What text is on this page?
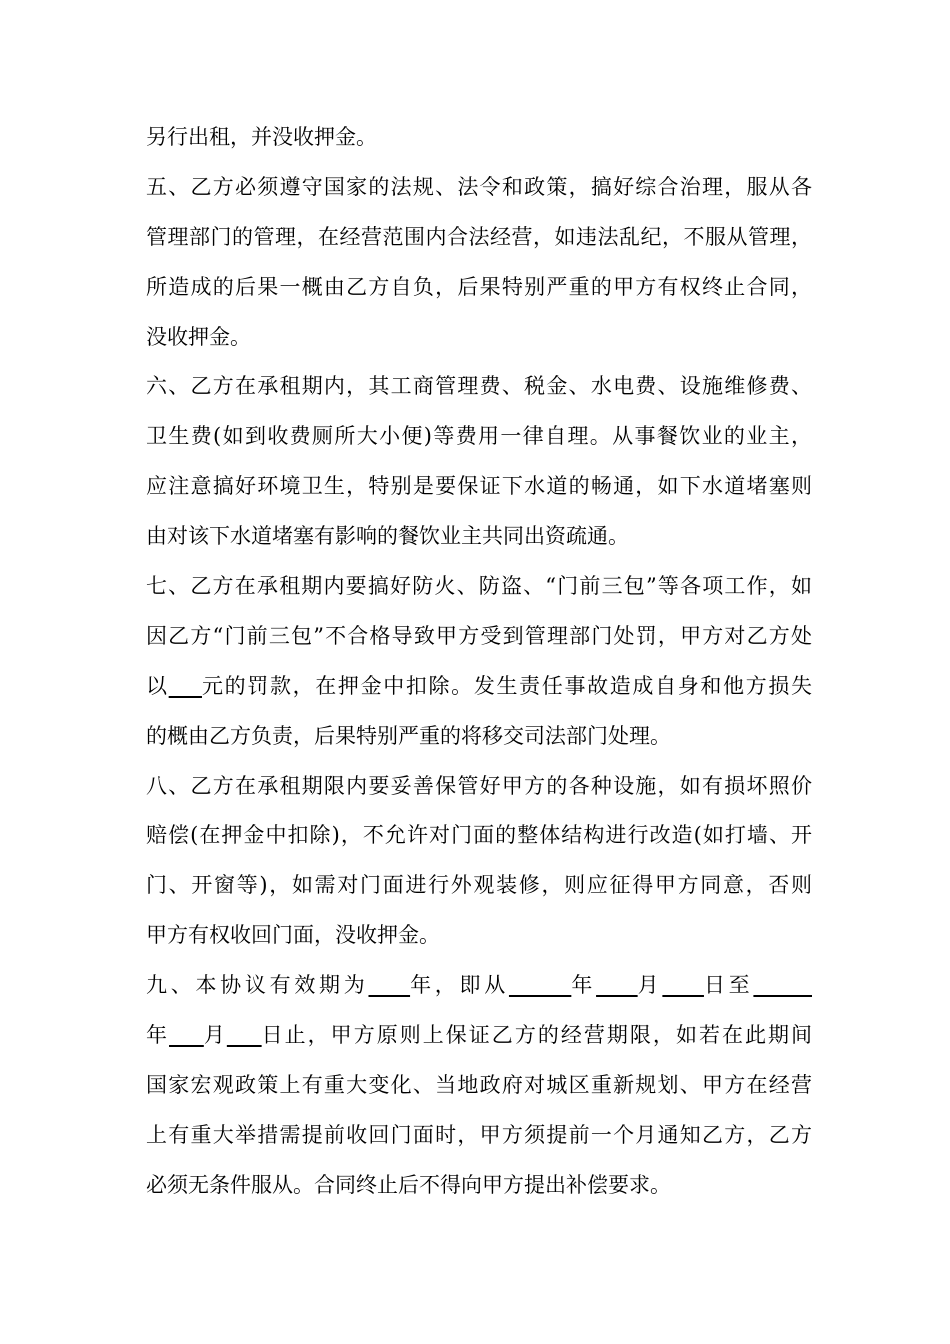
另行出租，并没收押金。
五、乙方必须遵守国家的法规、法令和政策，搞好综合治理，服从各
管理部门的管理，在经营范围内合法经营，如违法乱纪，不服从管理，
所造成的后果一概由乙方自负，后果特别严重的甲方有权终止合同，
没收押金。
六、乙方在承租期内，其工商管理费、税金、水电费、设施维修费、
卫生费(如到收费厕所大小便)等费用一律自理。从事餐饮业的业主，
应注意搞好环境卫生，特别是要保证下水道的畅通，如下水道堵塞则
由对该下水道堵塞有影响的餐饮业主共同出资疏通。
七、乙方在承租期内要搞好防火、防盗、“门前三包”等各项工作，如
因乙方“门前三包”不合格导致甲方受到管理部门处罚，甲方对乙方处
以 元的罚款，在押金中扣除。发生责任事故造成自身和他方损失
的概由乙方负责，后果特别严重的将移交司法部门处理。
八、乙方在承租期限内要妥善保管好甲方的各种设施，如有损坏照价
赔偿(在押金中扣除)，不允许对门面的整体结构进行改造(如打墙、开
门、开窗等)，如需对门面进行外观装修，则应征得甲方同意，否则
甲方有权收回门面，没收押金。
九、本协议有效期为 年，即从	年 月 日至
年 月 日止，甲方原则上保证乙方的经营期限，如若在此期间
国家宏观政策上有重大变化、当地政府对城区重新规划、甲方在经营
上有重大举措需提前收回门面时，甲方须提前一个月通知乙方，乙方
必须无条件服从。合同终止后不得向甲方提出补偿要求。
